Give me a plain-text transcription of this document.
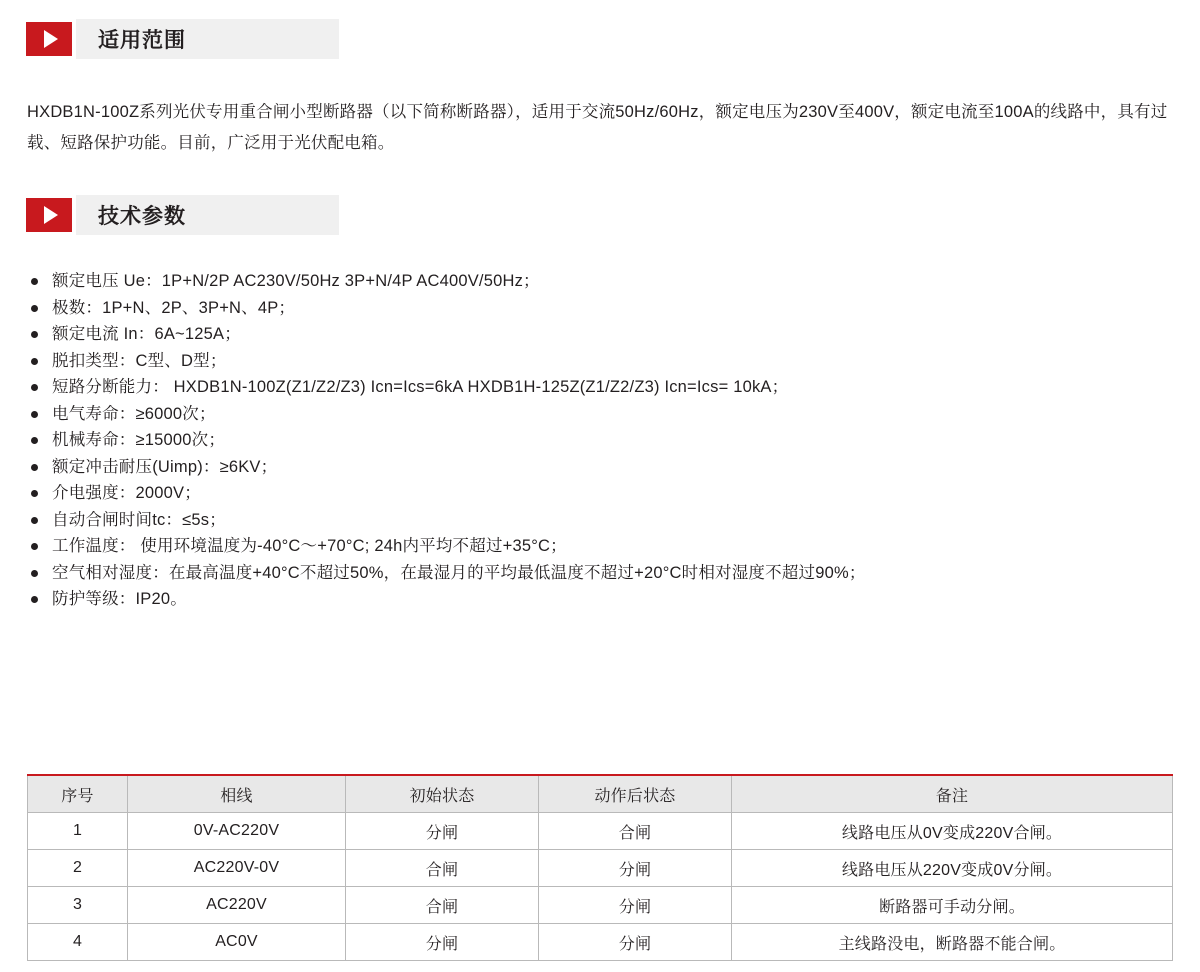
适用范围
HXDB1N-100Z系列光伏专用重合闸小型断路器（以下简称断路器），适用于交流50Hz/60Hz，额定电压为230V至400V，额定电流至100A的线路中，具有过载、短路保护功能。目前，广泛用于光伏配电箱。
技术参数
额定电压 Ue：1P+N/2P AC230V/50Hz 3P+N/4P AC400V/50Hz；
极数：1P+N、2P、3P+N、4P；
额定电流 In：6A~125A；
脱扣类型：C型、D型；
短路分断能力： HXDB1N-100Z(Z1/Z2/Z3) Icn=Ics=6kA HXDB1H-125Z(Z1/Z2/Z3) Icn=Ics= 10kA；
电气寿命：≥6000次；
机械寿命：≥15000次；
额定冲击耐压(Uimp)：≥6KV；
介电强度：2000V；
自动合闸时间tc：≤5s；
工作温度： 使用环境温度为-40°C～+70°C; 24h内平均不超过+35°C；
空气相对湿度：在最高温度+40°C不超过50%，在最湿月的平均最低温度不超过+20°C时相对湿度不超过90%；
防护等级：IP20。
序号	相线	初始状态	动作后状态	备注
1	0V-AC220V	分闸	合闸	线路电压从0V变成220V合闸。
2	AC220V-0V	合闸	分闸	线路电压从220V变成0V分闸。
3	AC220V	合闸	分闸	断路器可手动分闸。
4	AC0V	分闸	分闸	主线路没电，断路器不能合闸。
